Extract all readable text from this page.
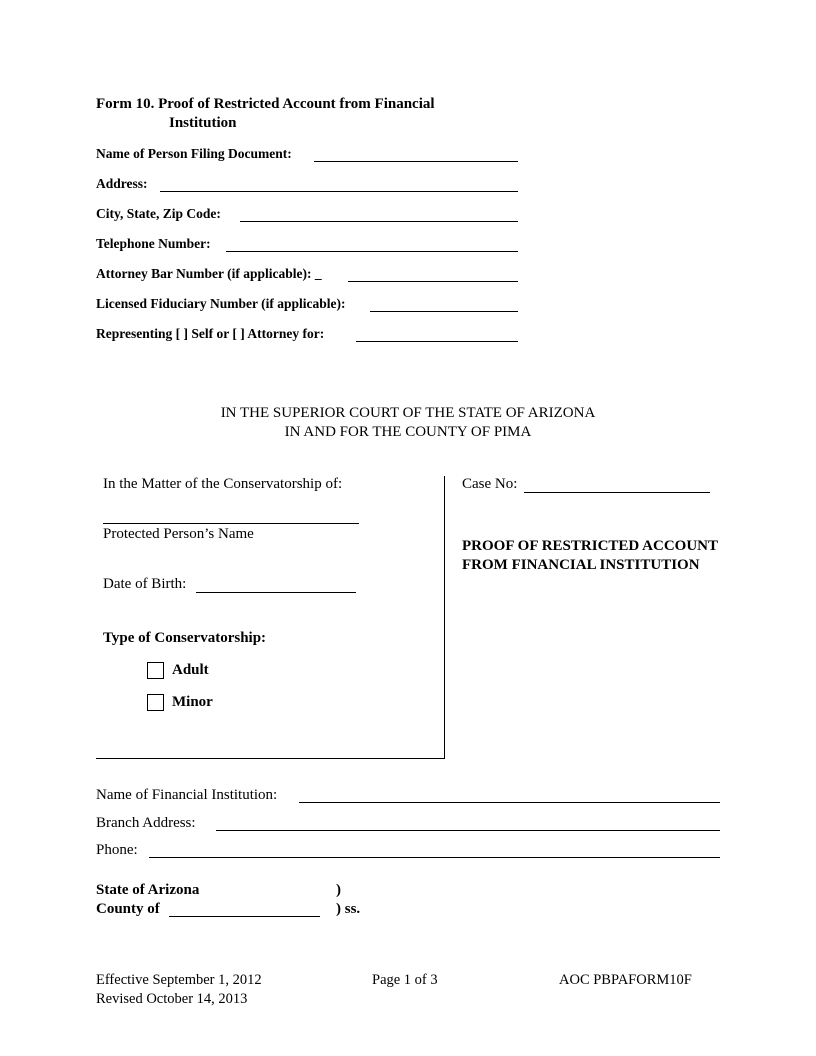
Form 10. Proof of Restricted Account from Financial
Institution
Name of Person Filing Document:
Address:
City, State, Zip Code:
Telephone Number:
Attorney Bar Number (if applicable): _
Licensed Fiduciary Number (if applicable):
Representing [ ] Self or [ ] Attorney for:
IN THE SUPERIOR COURT OF THE STATE OF ARIZONA
IN AND FOR THE COUNTY OF PIMA
In the Matter of the Conservatorship of:
Protected Person’s Name
Date of Birth:
Type of Conservatorship:
Adult
Minor
Case No:
PROOF OF RESTRICTED ACCOUNT
FROM FINANCIAL INSTITUTION
Name of Financial Institution:
Branch Address:
Phone:
State of Arizona	)
County of	) ss.
Effective September 1, 2012
Revised October 14, 2013
Page 1 of 3	AOC PBPAFORM10F
